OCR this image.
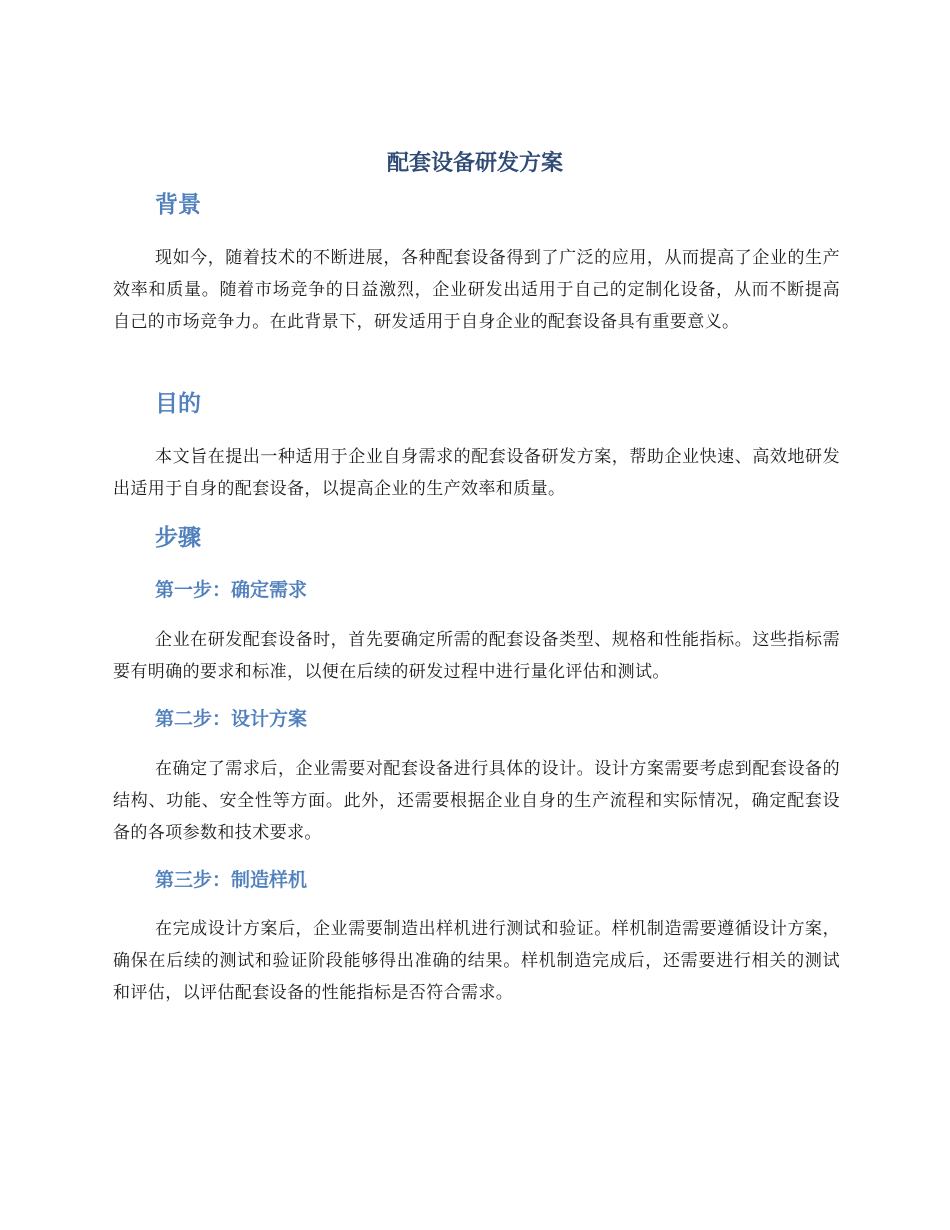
配套设备研发方案
背景

现如今，随着技术的不断进展，各种配套设备得到了广泛的应用，从而提高了企业的生产效率和质量。随着市场竞争的日益激烈，企业研发出适用于自己的定制化设备，从而不断提高自己的市场竞争力。在此背景下，研发适用于自身企业的配套设备具有重要意义。

目的

本文旨在提出一种适用于企业自身需求的配套设备研发方案，帮助企业快速、高效地研发出适用于自身的配套设备，以提高企业的生产效率和质量。

步骤
第一步：确定需求

企业在研发配套设备时，首先要确定所需的配套设备类型、规格和性能指标。这些指标需要有明确的要求和标准，以便在后续的研发过程中进行量化评估和测试。

第二步：设计方案

在确定了需求后，企业需要对配套设备进行具体的设计。设计方案需要考虑到配套设备的结构、功能、安全性等方面。此外，还需要根据企业自身的生产流程和实际情况，确定配套设备的各项参数和技术要求。

第三步：制造样机

在完成设计方案后，企业需要制造出样机进行测试和验证。样机制造需要遵循设计方案，确保在后续的测试和验证阶段能够得出准确的结果。样机制造完成后，还需要进行相关的测试和评估，以评估配套设备的性能指标是否符合需求。
